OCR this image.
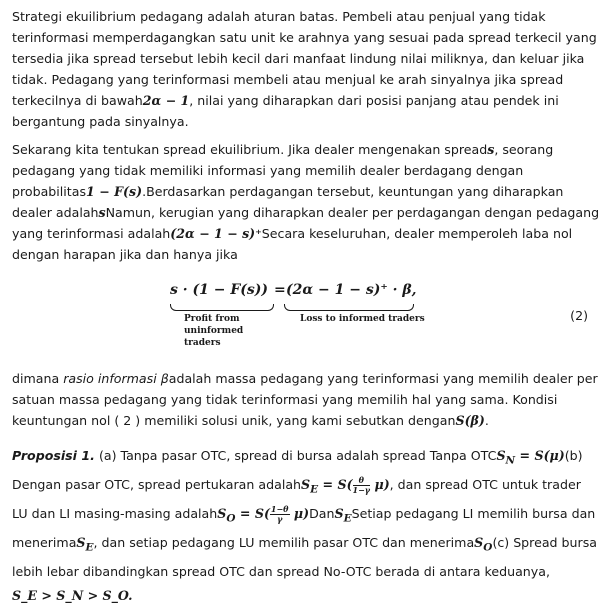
Strategi ekuilibrium pedagang adalah aturan batas. Pembeli atau penjual yang tidak terinformasi memperdagangkan satu unit ke arahnya yang sesuai pada spread terkecil yang tersedia jika spread tersebut lebih kecil dari manfaat lindung nilai miliknya, dan keluar jika tidak. Pedagang yang terinformasi membeli atau menjual ke arah sinyalnya jika spread terkecilnya di bawah2α − 1, nilai yang diharapkan dari posisi panjang atau pendek ini bergantung pada sinyalnya.

Sekarang kita tentukan spread ekuilibrium. Jika dealer mengenakan spreads, seorang pedagang yang tidak memiliki informasi yang memilih dealer berdagang dengan probabilitas1 − F(s).Berdasarkan perdagangan tersebut, keuntungan yang diharapkan dealer adalahsNamun, kerugian yang diharapkan dealer per perdagangan dengan pedagang yang terinformasi adalah(2α − 1 − s)⁺Secara keseluruhan, dealer memperoleh laba nol dengan harapan jika dan hanya jika

s · (1 − F(s)) = (2α − 1 − s)⁺ · β,
Profit from uninformed traders
Loss to informed traders	(2)

dimana rasio informasi βadalah massa pedagang yang terinformasi yang memilih dealer per satuan massa pedagang yang tidak terinformasi yang memilih hal yang sama. Kondisi keuntungan nol ( 2 ) memiliki solusi unik, yang kami sebutkan denganS(β).

Proposisi 1. (a) Tanpa pasar OTC, spread di bursa adalah spread Tanpa $OTCS_N = S(\mu)(b)$ Dengan pasar OTC, spread pertukaran adalahS$_E$ = $S( \frac{\theta}{1-\gamma} \mu)$, dan spread OTC untuk trader LU dan LI masing-masing adalahS$_O$ = $S( \frac{1-\theta}{\gamma}$ μ)DanS$_E$Setiap pedagang LI memilih bursa dan menerimaS$_E$, dan setiap pedagang LU memilih pasar OTC dan menerimaS$_O$(c) Spread bursa lebih lebar dibandingkan spread OTC dan spread No-OTC berada di antara keduanya,
S_E > S_N > S_O.
